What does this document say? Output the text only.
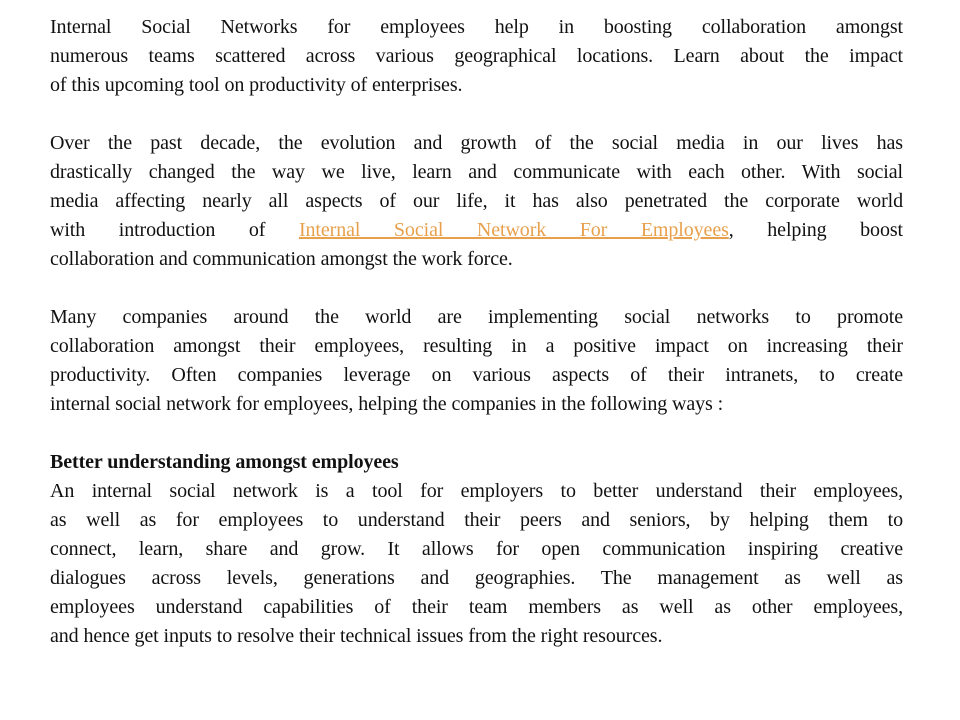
Internal Social Networks for employees help in boosting collaboration amongst
numerous teams scattered across various geographical locations. Learn about the impact
of this upcoming tool on productivity of enterprises.
Over the past decade, the evolution and growth of the social media in our lives has
drastically changed the way we live, learn and communicate with each other. With social
media affecting nearly all aspects of our life, it has also penetrated the corporate world
with introduction of Internal Social Network For Employees, helping boost
collaboration and communication amongst the work force.
Many companies around the world are implementing social networks to promote
collaboration amongst their employees, resulting in a positive impact on increasing their
productivity. Often companies leverage on various aspects of their intranets, to create
internal social network for employees, helping the companies in the following ways :
Better understanding amongst employees
An internal social network is a tool for employers to better understand their employees,
as well as for employees to understand their peers and seniors, by helping them to
connect, learn, share and grow. It allows for open communication inspiring creative
dialogues across levels, generations and geographies. The management as well as
employees understand capabilities of their team members as well as other employees,
and hence get inputs to resolve their technical issues from the right resources.
